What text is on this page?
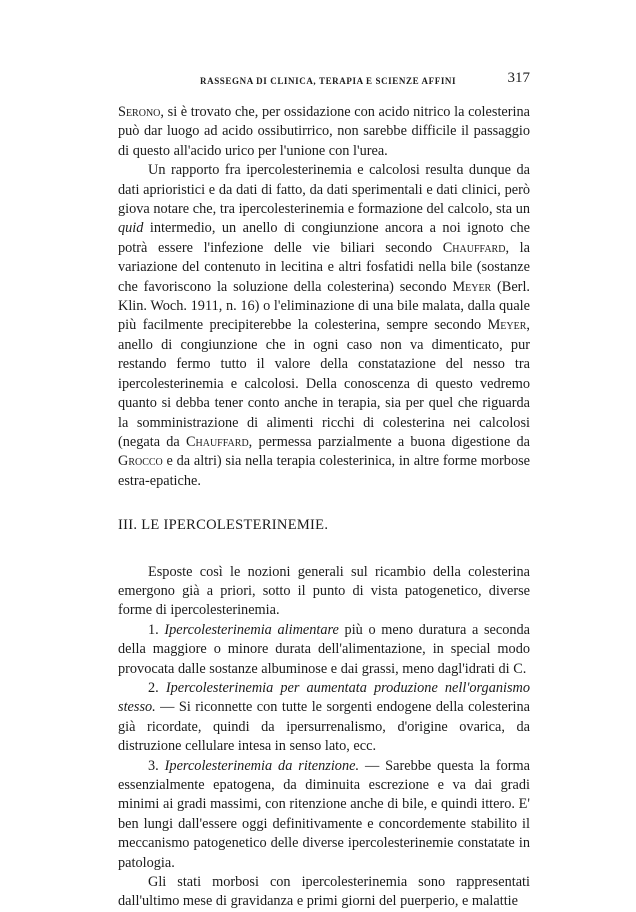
RASSEGNA DI CLINICA, TERAPIA E SCIENZE AFFINI	317

Serono, si è trovato che, per ossidazione con acido nitrico la colesterina può dar luogo ad acido ossibutirrico, non sarebbe difficile il passaggio di questo all'acido urico per l'unione con l'urea.

Un rapporto fra ipercolesterinemia e calcolosi resulta dunque da dati aprioristici e da dati di fatto, da dati sperimentali e dati clinici, però giova notare che, tra ipercolesterinemia e formazione del calcolo, sta un quid intermedio, un anello di congiunzione ancora a noi ignoto che potrà essere l'infezione delle vie biliari secondo Chauffard, la variazione del contenuto in lecitina e altri fosfatidi nella bile (sostanze che favoriscono la soluzione della colesterina) secondo Meyer (Berl. Klin. Woch. 1911, n. 16) o l'eliminazione di una bile malata, dalla quale più facilmente precipiterebbe la colesterina, sempre secondo Meyer, anello di congiunzione che in ogni caso non va dimenticato, pur restando fermo tutto il valore della constatazione del nesso tra ipercolesterinemia e calcolosi. Della conoscenza di questo vedremo quanto si debba tener conto anche in terapia, sia per quel che riguarda la somministrazione di alimenti ricchi di colesterina nei calcolosi (negata da Chauffard, permessa parzialmente a buona digestione da Grocco e da altri) sia nella terapia colesterinica, in altre forme morbose estra-epatiche.

III. LE IPERCOLESTERINEMIE.

Esposte così le nozioni generali sul ricambio della colesterina emergono già a priori, sotto il punto di vista patogenetico, diverse forme di ipercolesterinemia.

1. Ipercolesterinemia alimentare più o meno duratura a seconda della maggiore o minore durata dell'alimentazione, in special modo provocata dalle sostanze albuminose e dai grassi, meno dagl'idrati di C.

2. Ipercolesterinemia per aumentata produzione nell'organismo stesso. — Si riconnette con tutte le sorgenti endogene della colesterina già ricordate, quindi da ipersurrenalismo, d'origine ovarica, da distruzione cellulare intesa in senso lato, ecc.

3. Ipercolesterinemia da ritenzione. — Sarebbe questa la forma essenzialmente epatogena, da diminuita escrezione e va dai gradi minimi ai gradi massimi, con ritenzione anche di bile, e quindi ittero. E' ben lungi dall'essere oggi definitivamente e concordemente stabilito il meccanismo patogenetico delle diverse ipercolesterinemie constatate in patologia.

Gli stati morbosi con ipercolesterinemia sono rappresentati dall'ultimo mese di gravidanza e primi giorni del puerperio, e malattie
